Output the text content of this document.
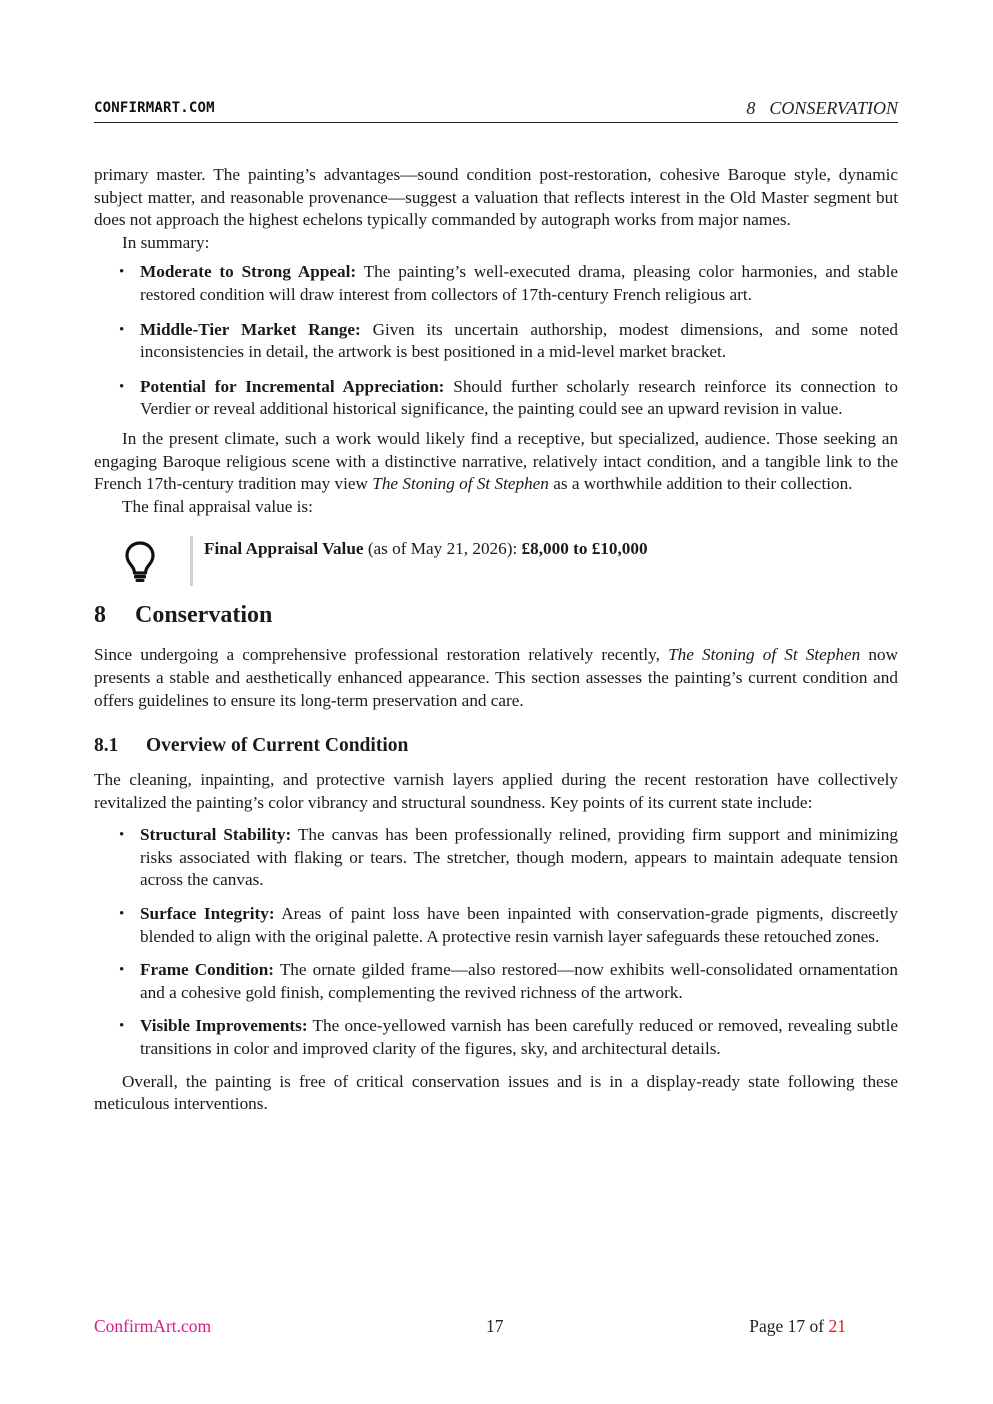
CONFIRMART.COM	8 CONSERVATION

primary master. The painting’s advantages—sound condition post-restoration, cohesive Baroque style, dynamic subject matter, and reasonable provenance—suggest a valuation that reflects interest in the Old Master segment but does not approach the highest echelons typically commanded by autograph works from major names.

In summary:

• Moderate to Strong Appeal: The painting’s well-executed drama, pleasing color harmonies, and stable restored condition will draw interest from collectors of 17th-century French religious art.
• Middle-Tier Market Range: Given its uncertain authorship, modest dimensions, and some noted inconsistencies in detail, the artwork is best positioned in a mid-level market bracket.
• Potential for Incremental Appreciation: Should further scholarly research reinforce its connection to Verdier or reveal additional historical significance, the painting could see an upward revision in value.

In the present climate, such a work would likely find a receptive, but specialized, audience. Those seeking an engaging Baroque religious scene with a distinctive narrative, relatively intact condition, and a tangible link to the French 17th-century tradition may view The Stoning of St Stephen as a worthwhile addition to their collection.

The final appraisal value is:

Final Appraisal Value (as of May 21, 2026): £8,000 to £10,000
8 Conservation

Since undergoing a comprehensive professional restoration relatively recently, The Stoning of St Stephen now presents a stable and aesthetically enhanced appearance. This section assesses the painting’s current condition and offers guidelines to ensure its long-term preservation and care.

8.1 Overview of Current Condition

The cleaning, inpainting, and protective varnish layers applied during the recent restoration have collectively revitalized the painting’s color vibrancy and structural soundness. Key points of its current state include:

• Structural Stability: The canvas has been professionally relined, providing firm support and minimizing risks associated with flaking or tears. The stretcher, though modern, appears to maintain adequate tension across the canvas.
• Surface Integrity: Areas of paint loss have been inpainted with conservation-grade pigments, discreetly blended to align with the original palette. A protective resin varnish layer safeguards these retouched zones.
• Frame Condition: The ornate gilded frame—also restored—now exhibits well-consolidated ornamentation and a cohesive gold finish, complementing the revived richness of the artwork.
• Visible Improvements: The once-yellowed varnish has been carefully reduced or removed, revealing subtle transitions in color and improved clarity of the figures, sky, and architectural details.

Overall, the painting is free of critical conservation issues and is in a display-ready state following these meticulous interventions.

ConfirmArt.com	17	Page 17 of 21
